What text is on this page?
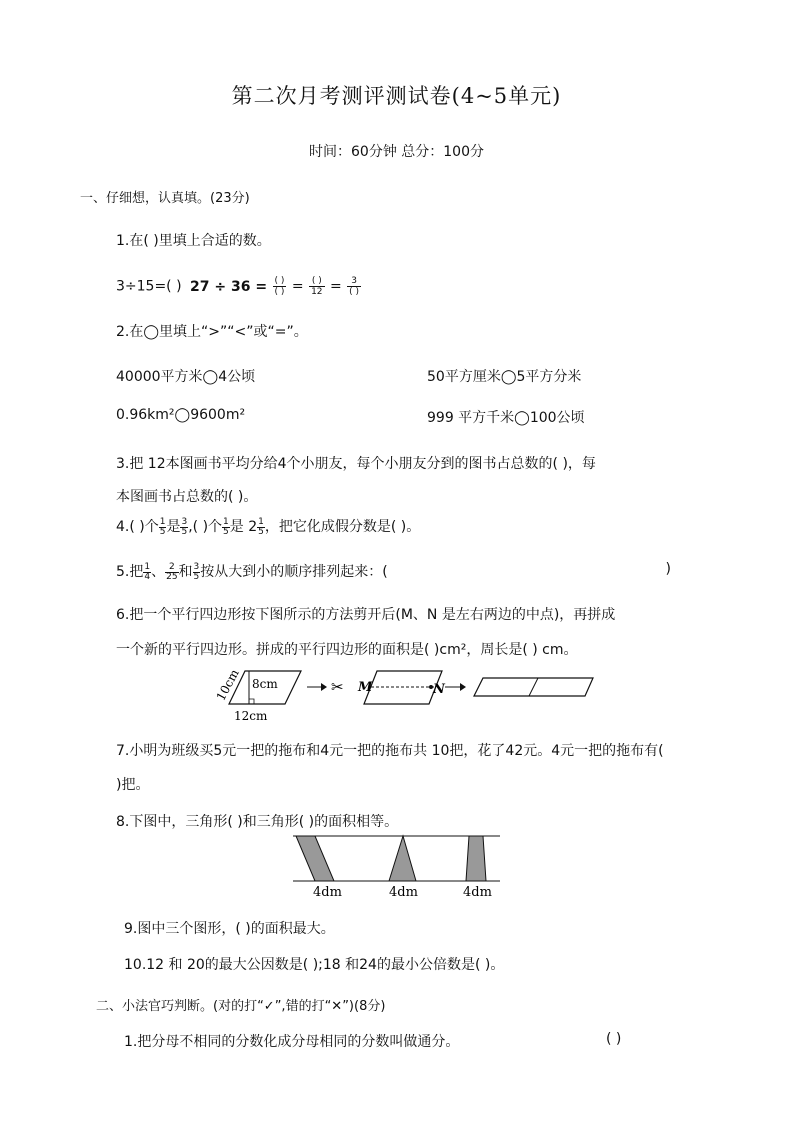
第二次月考测评测试卷(4~5单元)
时间：60分钟 总分：100分
一、仔细想，认真填。(23分)
1.在( )里填上合适的数。
3÷15=( ) $27 \div 36 = \frac{( )}{( )} = \frac{( )}{12} = \frac{3}{( )}$
2.在◯里填上“>”“<”或“=”。
40000平方米◯4公顷	50平方厘米◯5平方分米
0.96km²◯9600m²	999 平方千米◯100公顷
3.把 12本图画书平均分给4个小朋友，每个小朋友分到的图书占总数的( )，每
本图画书占总数的( )。
4.( )个 $\frac{1}{5}$ 是 $\frac{3}{5}$ ,( )个 $\frac{1}{5}$ 是 $2 \frac{1}{5}$ ，把它化成假分数是( )。
5.把 $\frac{1}{4}$ 、 $\frac{2}{25}$ 和 $\frac{3}{5}$ 按从大到小的顺序排列起来：(	)
6.把一个平行四边形按下图所示的方法剪开后(M、N 是左右两边的中点)，再拼成
一个新的平行四边形。拼成的平行四边形的面积是( )cm²，周长是( ) cm。
10cm 8cm
12cm
✂ M	N
7.小明为班级买5元一把的拖布和4元一把的拖布共 10把，花了42元。4元一把的拖布有(
)把。
8.下图中，三角形( )和三角形( )的面积相等。
4dm	4dm	4dm
9.图中三个图形，( )的面积最大。
10.12 和 20的最大公因数是( );18 和24的最小公倍数是( )。
二、小法官巧判断。(对的打“✓”,错的打“✕”)(8分)
1.把分母不相同的分数化成分母相同的分数叫做通分。	( )
